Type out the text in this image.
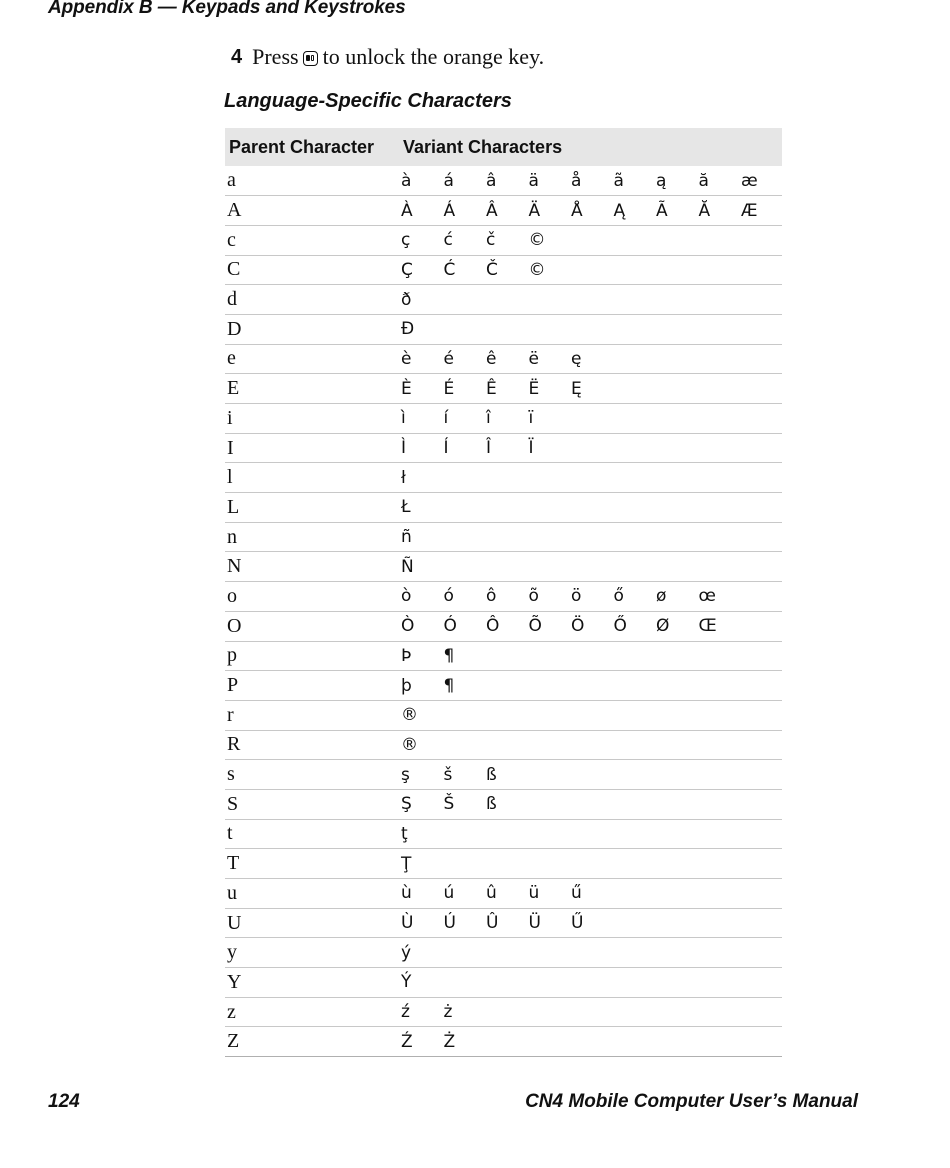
Appendix B — Keypads and Keystrokes
4 Press to unlock the orange key.
Language-Specific Characters
Parent Character	Variant Characters								
a	à	á	â	ä	å	ã	ą	ă	æ
A	À	Á	Â	Ä	Å	Ą	Ã	Ă	Æ
c	ç	ć	č	©					
C	Ç	Ć	Č	©					
d	ð								
D	Ð								
e	è	é	ê	ë	ę				
E	È	É	Ê	Ë	Ę				
i	ì	í	î	ï					
I	Ì	Í	Î	Ï					
l	ł								
L	Ł								
n	ñ								
N	Ñ								
o	ò	ó	ô	õ	ö	ő	ø	œ	
O	Ò	Ó	Ô	Õ	Ö	Ő	Ø	Œ	
p	Þ	¶							
P	þ	¶							
r	®								
R	®								
s	ş	š	ß						
S	Ş	Š	ß						
t	ţ								
T	Ţ								
u	ù	ú	û	ü	ű				
U	Ù	Ú	Û	Ü	Ű				
y	ý								
Y	Ý								
z	ź	ż							
Z	Ź	Ż							
124	CN4 Mobile Computer User’s Manual
